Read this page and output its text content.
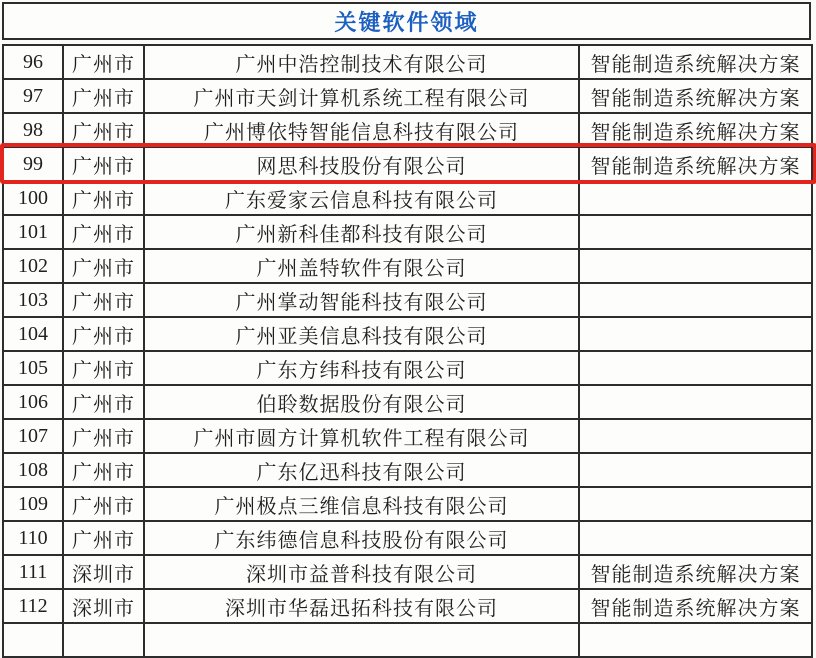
关键软件领域
96	广州市	广州中浩控制技术有限公司	智能制造系统解决方案
97	广州市	广州市天剑计算机系统工程有限公司	智能制造系统解决方案
98	广州市	广州博依特智能信息科技有限公司	智能制造系统解决方案
99	广州市	网思科技股份有限公司	智能制造系统解决方案
100	广州市	广东爱家云信息科技有限公司	
101	广州市	广州新科佳都科技有限公司	
102	广州市	广州盖特软件有限公司	
103	广州市	广州掌动智能科技有限公司	
104	广州市	广州亚美信息科技有限公司	
105	广州市	广东方纬科技有限公司	
106	广州市	伯聆数据股份有限公司	
107	广州市	广州市圆方计算机软件工程有限公司	
108	广州市	广东亿迅科技有限公司	
109	广州市	广州极点三维信息科技有限公司	
110	广州市	广东纬德信息科技股份有限公司	
111	深圳市	深圳市益普科技有限公司	智能制造系统解决方案
112	深圳市	深圳市华磊迅拓科技有限公司	智能制造系统解决方案
